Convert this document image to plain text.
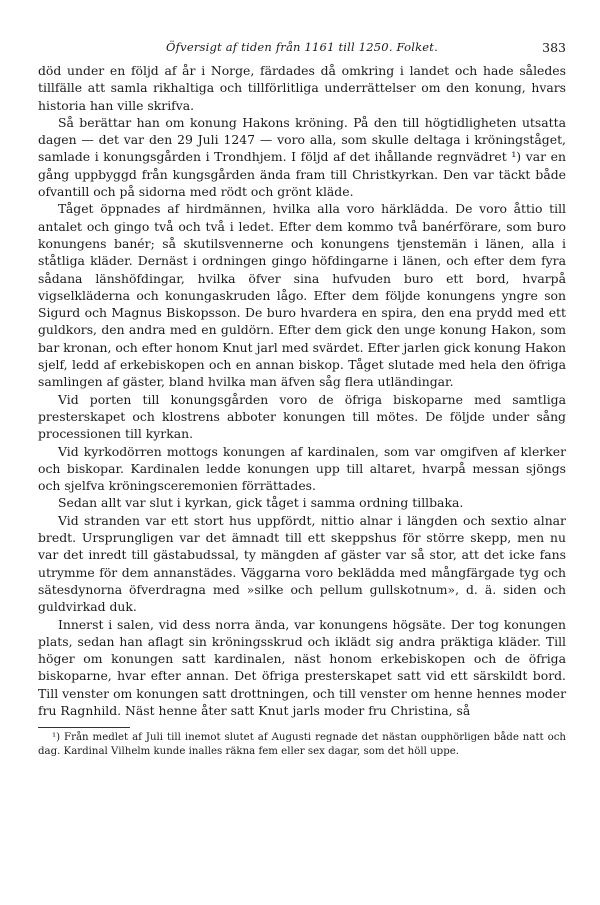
Öfversigt af tiden från 1161 till 1250. Folket.	383

död under en följd af år i Norge, färdades då omkring i landet och hade således tillfälle att samla rikhaltiga och tillförlitliga underrättelser om den konung, hvars historia han ville skrifva.

Så berättar han om konung Hakons kröning. På den till högtidligheten utsatta dagen — det var den 29 Juli 1247 — voro alla, som skulle deltaga i kröningståget, samlade i konungsgården i Trondhjem. I följd af det ihållande regnvädret ¹) var en gång uppbyggd från kungsgården ända fram till Christkyrkan. Den var täckt både ofvantill och på sidorna med rödt och grönt kläde.

Tåget öppnades af hirdmännen, hvilka alla voro härklädda. De voro åttio till antalet och gingo två och två i ledet. Efter dem kommo två banérförare, som buro konungens banér; så skutilsvennerne och konungens tjenstemän i länen, alla i ståtliga kläder. Dernäst i ordningen gingo höfdingarne i länen, och efter dem fyra sådana länshöfdingar, hvilka öfver sina hufvuden buro ett bord, hvarpå vigselkläderna och konungaskruden lågo. Efter dem följde konungens yngre son Sigurd och Magnus Biskopsson. De buro hvardera en spira, den ena prydd med ett guldkors, den andra med en guldörn. Efter dem gick den unge konung Hakon, som bar kronan, och efter honom Knut jarl med svärdet. Efter jarlen gick konung Hakon sjelf, ledd af erkebiskopen och en annan biskop. Tåget slutade med hela den öfriga samlingen af gäster, bland hvilka man äfven såg flera utländingar.

Vid porten till konungsgården voro de öfriga biskoparne med samtliga presterskapet och klostrens abboter konungen till mötes. De följde under sång processionen till kyrkan.

Vid kyrkodörren mottogs konungen af kardinalen, som var omgifven af klerker och biskopar. Kardinalen ledde konungen upp till altaret, hvarpå messan sjöngs och sjelfva kröningsceremonien förrättades.

Sedan allt var slut i kyrkan, gick tåget i samma ordning tillbaka.

Vid stranden var ett stort hus uppfördt, nittio alnar i längden och sextio alnar bredt. Ursprungligen var det ämnadt till ett skeppshus för större skepp, men nu var det inredt till gästabudssal, ty mängden af gäster var så stor, att det icke fans utrymme för dem annanstädes. Väggarna voro beklädda med mångfärgade tyg och sätesdynorna öfverdragna med »silke och pellum gullskotnum», d. ä. siden och guldvirkad duk.

Innerst i salen, vid dess norra ända, var konungens högsäte. Der tog konungen plats, sedan han aflagt sin kröningsskrud och iklädt sig andra präktiga kläder. Till höger om konungen satt kardinalen, näst honom erkebiskopen och de öfriga biskoparne, hvar efter annan. Det öfriga presterskapet satt vid ett särskildt bord. Till venster om konungen satt drottningen, och till venster om henne hennes moder fru Ragnhild. Näst henne åter satt Knut jarls moder fru Christina, så

¹) Från medlet af Juli till inemot slutet af Augusti regnade det nästan oupphörligen både natt och dag. Kardinal Vilhelm kunde inalles räkna fem eller sex dagar, som det höll uppe.
